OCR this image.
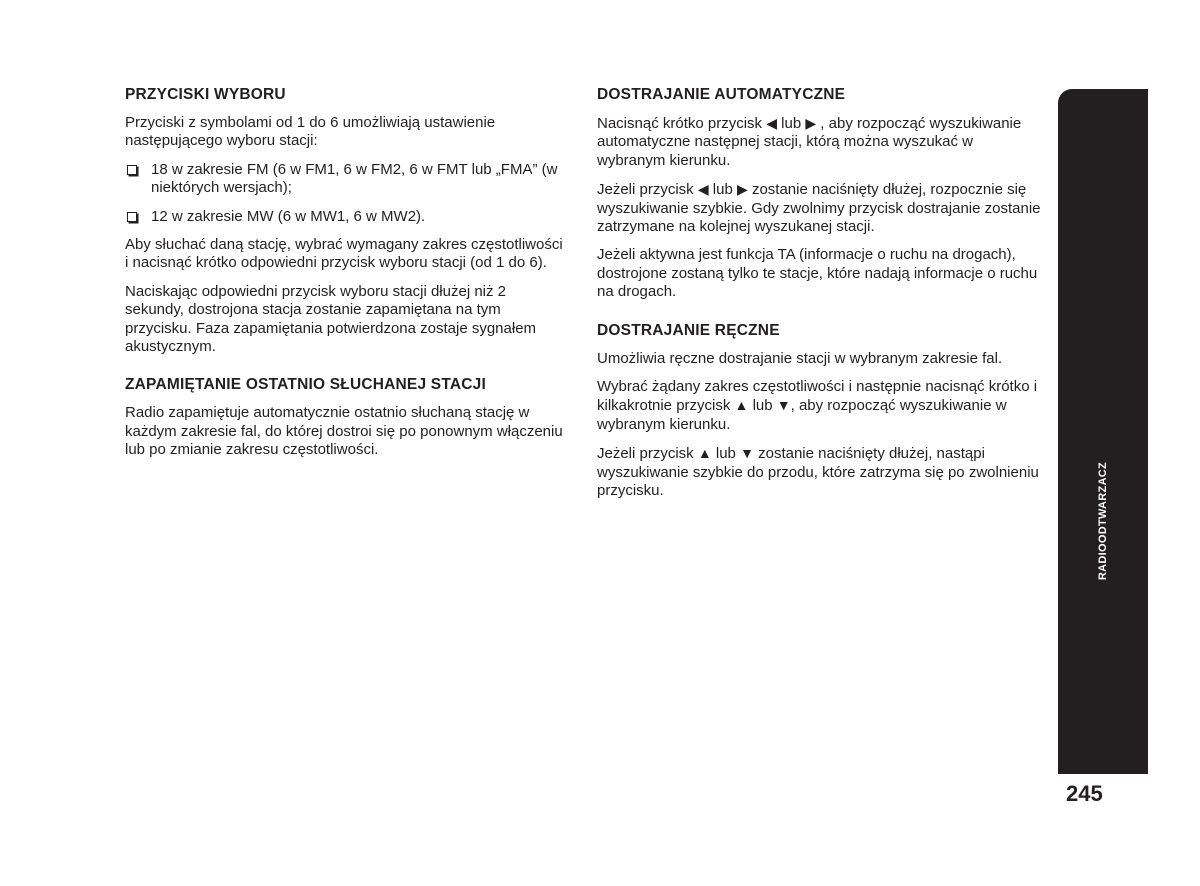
PRZYCISKI WYBORU

Przyciski z symbolami od 1 do 6 umożliwiają ustawienie następującego wyboru stacji:

18 w zakresie FM (6 w FM1, 6 w FM2, 6 w FMT lub „FMA” (w niektórych wersjach);
12 w zakresie MW (6 w MW1, 6 w MW2).

Aby słuchać daną stację, wybrać wymagany zakres częstotliwości i nacisnąć krótko odpowiedni przycisk wyboru stacji (od 1 do 6).

Naciskając odpowiedni przycisk wyboru stacji dłużej niż 2 sekundy, dostrojona stacja zostanie zapamiętana na tym przycisku. Faza zapamiętania potwierdzona zostaje sygnałem akustycznym.

ZAPAMIĘTANIE OSTATNIO SŁUCHANEJ STACJI

Radio zapamiętuje automatycznie ostatnio słuchaną stację w każdym zakresie fal, do której dostroi się po ponownym włączeniu lub po zmianie zakresu częstotliwości.

DOSTRAJANIE AUTOMATYCZNE

Nacisnąć krótko przycisk ◀ lub ▶ , aby rozpocząć wyszukiwanie automatyczne następnej stacji, którą można wyszukać w wybranym kierunku.

Jeżeli przycisk ◀ lub ▶ zostanie naciśnięty dłużej, rozpocznie się wyszukiwanie szybkie. Gdy zwolnimy przycisk dostrajanie zostanie zatrzymane na kolejnej wyszukanej stacji.

Jeżeli aktywna jest funkcja TA (informacje o ruchu na drogach), dostrojone zostaną tylko te stacje, które nadają informacje o ruchu na drogach.

DOSTRAJANIE RĘCZNE

Umożliwia ręczne dostrajanie stacji w wybranym zakresie fal.

Wybrać żądany zakres częstotliwości i następnie nacisnąć krótko i kilkakrotnie przycisk ▲ lub ▼, aby rozpocząć wyszukiwanie w wybranym kierunku.

Jeżeli przycisk ▲ lub ▼ zostanie naciśnięty dłużej, nastąpi wyszukiwanie szybkie do przodu, które zatrzyma się po zwolnieniu przycisku.	RADIOODTWARZACZ
245
